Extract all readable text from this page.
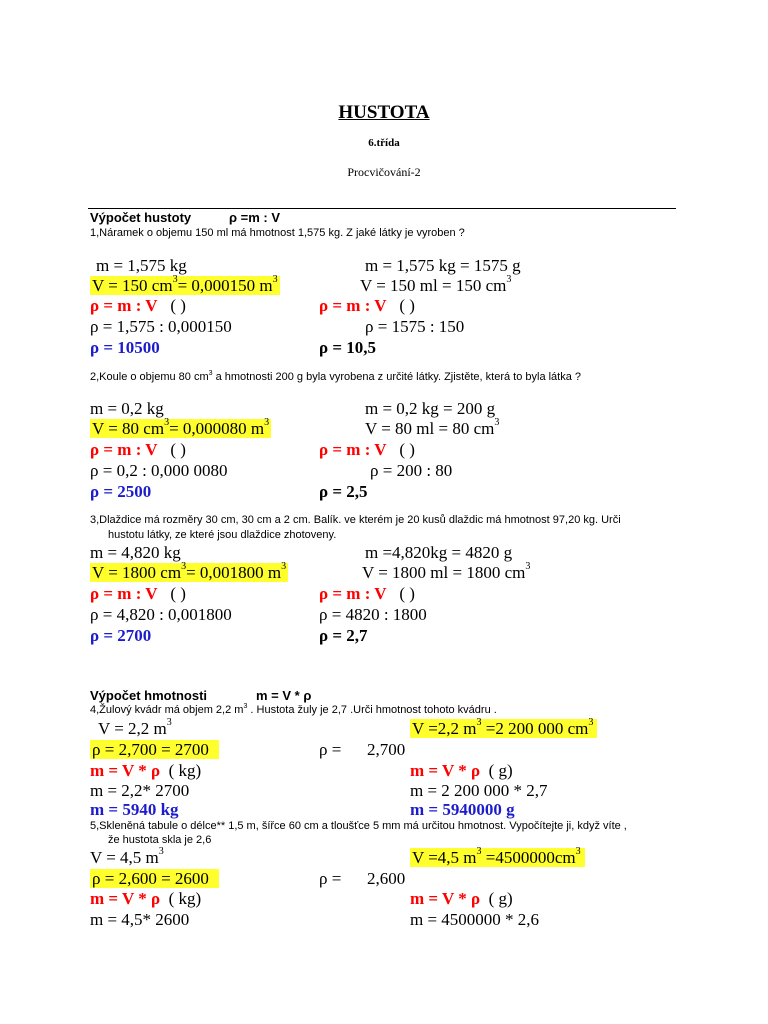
HUSTOTA
6.třída
Procvičování-2
Výpočet hustoty	ρ =m : V
1,Náramek o objemu 150 ml má hmotnost 1,575 kg. Z jaké látky je vyroben ?
m = 1,575 kg
V = 150 $cm^3= 0,000150$ $m^3$
ρ = m : V ( )
ρ = 1,575 : 0,000150
ρ = 10500
m = 1,575 kg = 1575 g
V = 150 ml = 150 $cm^3$
ρ = m : V ( )
ρ = 1575 : 150
ρ = 10,5
2,Koule o objemu 80 $cm^3$ a hmotnosti 200 g byla vyrobena z určité látky. Zjistěte, která to byla látka ?
m = 0,2 kg
V = 80 $cm^3= 0,000080$ $m^3$
ρ = m : V ( )
ρ = 0,2 : 0,000 0080
ρ = 2500
m = 0,2 kg = 200 g
V = 80 ml = 80 $cm^3$
ρ = m : V ( )
ρ = 200 : 80
ρ = 2,5
3,Dlaždice má rozměry 30 cm, 30 cm a 2 cm. Balík. ve kterém je 20 kusů dlaždic má hmotnost 97,20 kg. Urči
hustotu látky, ze které jsou dlaždice zhotoveny.
m = 4,820 kg
V = 1800 $cm^3= 0,001800$ $m^3$
ρ = m : V ( )
ρ = 4,820 : 0,001800
ρ = 2700
m =4,820kg = 4820 g
V = 1800 ml = 1800 $cm^3$
ρ = m : V ( )
ρ = 4820 : 1800
ρ = 2,7
Výpočet hmotnosti	m = V * ρ
4,Žulový kvádr má objem 2,2 $m^3$ . Hustota žuly je 2,7 .Urči hmotnost tohoto kvádru .
V = 2,2 $m^3$
ρ = 2,700 = 2700
m = V * ρ ( kg)
m = 2,2* 2700
m = 5940 kg
ρ = 2,700
V =2,2 $m^3 =2$ 200 000 $cm^3$
m = V * ρ ( g)
m = 2 200 000 * 2,7
m = 5940000 g
5,Skleněná tabule o délce** 1,5 m, šířce 60 cm a tloušťce 5 mm má určitou hmotnost. Vypočítejte ji, když víte ,
že hustota skla je 2,6
V = 4,5 $m^3$
ρ = 2,600 = 2600
m = V * ρ ( kg)
m = 4,5* 2600
ρ = 2,600
V =4,5 $m^3 =4500000cm^3$
m = V * ρ ( g)
m = 4500000 * 2,6
